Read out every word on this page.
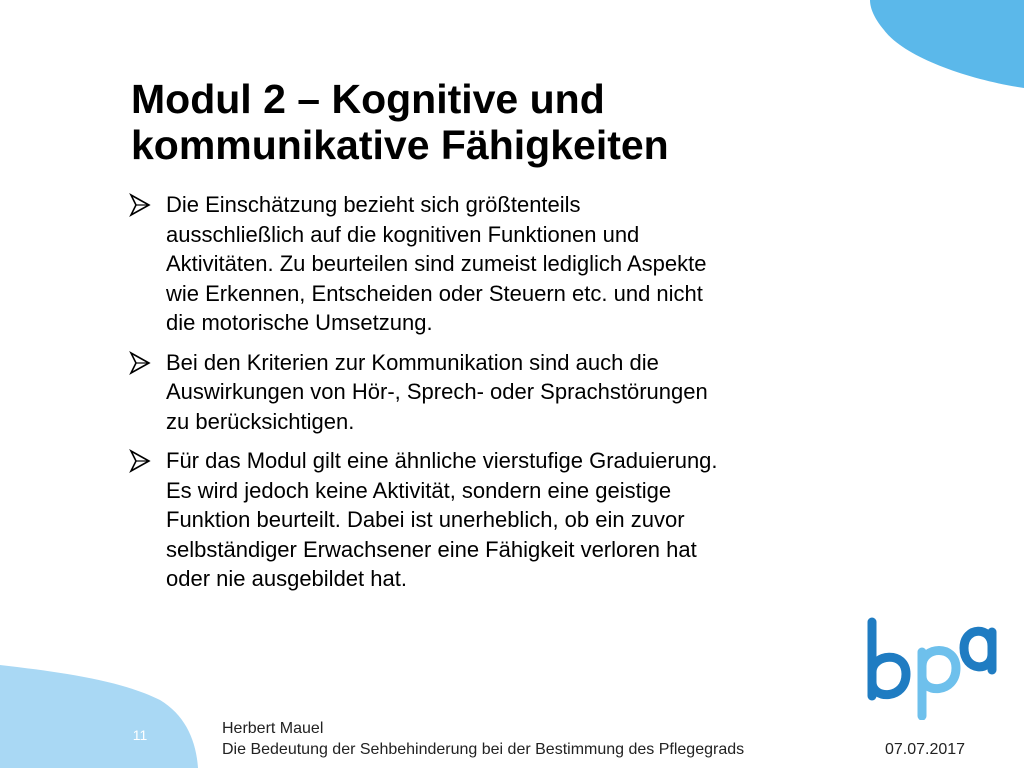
Modul 2 – Kognitive und
kommunikative Fähigkeiten
Die Einschätzung bezieht sich größtenteils
ausschließlich auf die kognitiven Funktionen und
Aktivitäten. Zu beurteilen sind zumeist lediglich Aspekte
wie Erkennen, Entscheiden oder Steuern etc. und nicht
die motorische Umsetzung.
Bei den Kriterien zur Kommunikation sind auch die
Auswirkungen von Hör-, Sprech- oder Sprachstörungen
zu berücksichtigen.
Für das Modul gilt eine ähnliche vierstufige Graduierung.
Es wird jedoch keine Aktivität, sondern eine geistige
Funktion beurteilt. Dabei ist unerheblich, ob ein zuvor
selbständiger Erwachsener eine Fähigkeit verloren hat
oder nie ausgebildet hat.
11	Herbert Mauel
Die Bedeutung der Sehbehinderung bei der Bestimmung des Pflegegrads	07.07.2017
